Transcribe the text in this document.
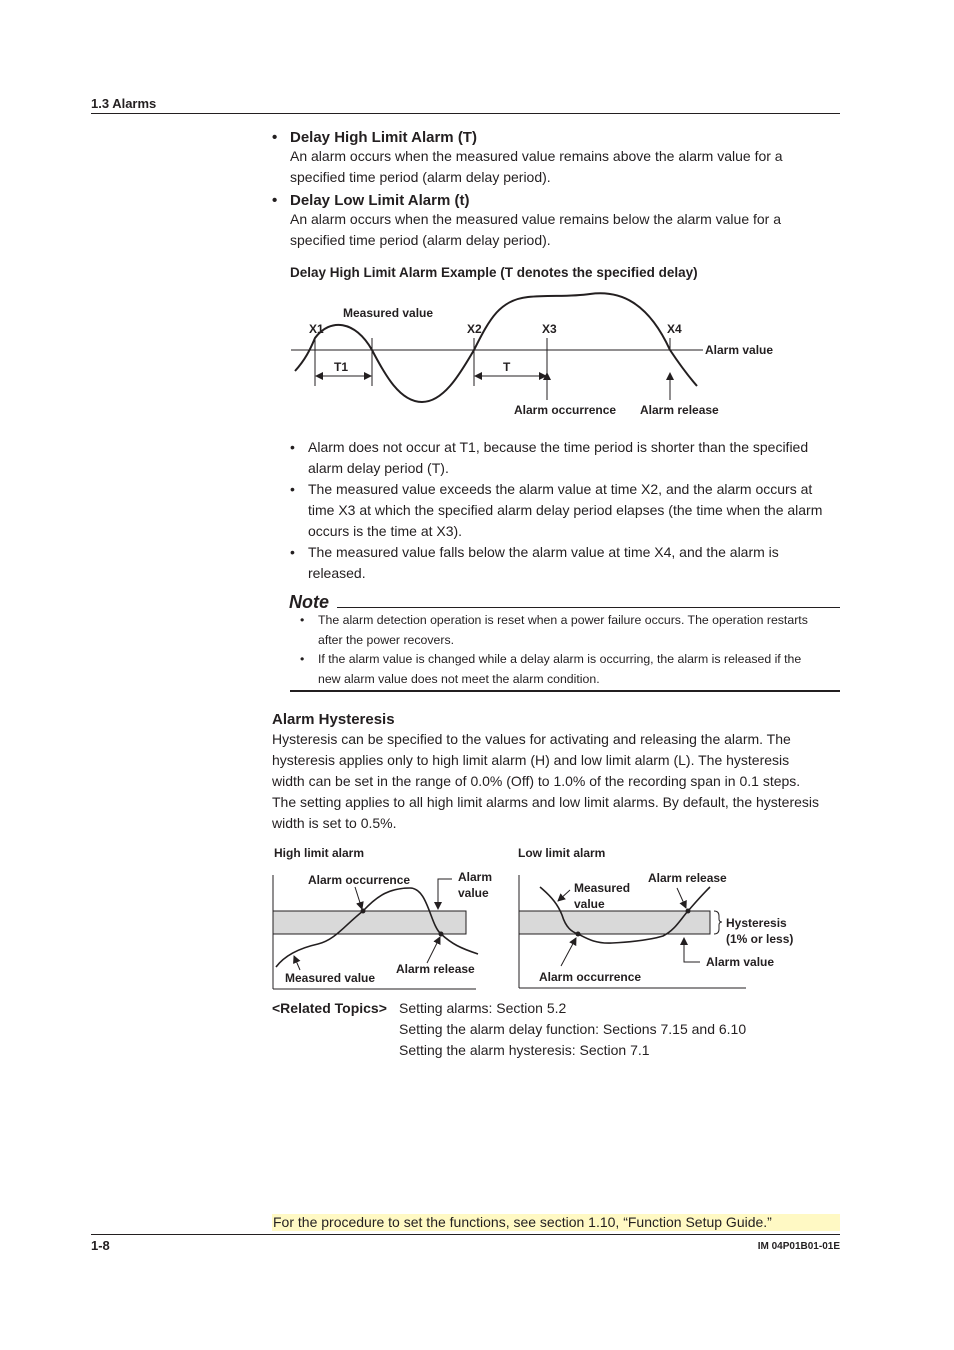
1.3 Alarms
• Delay High Limit Alarm (T)
An alarm occurs when the measured value remains above the alarm value for a
specified time period (alarm delay period).
• Delay Low Limit Alarm (t)
An alarm occurs when the measured value remains below the alarm value for a
specified time period (alarm delay period).
Delay High Limit Alarm Example (T denotes the specified delay)
Measured value
X1	X2	X3	X4
Alarm value
T1	T
Alarm occurrence Alarm release
• Alarm does not occur at T1, because the time period is shorter than the specified
alarm delay period (T).
• The measured value exceeds the alarm value at time X2, and the alarm occurs at
time X3 at which the specified alarm delay period elapses (the time when the alarm
occurs is the time at X3).
• The measured value falls below the alarm value at time X4, and the alarm is
released.
Note
• The alarm detection operation is reset when a power failure occurs. The operation restarts
after the power recovers.
• If the alarm value is changed while a delay alarm is occurring, the alarm is released if the
new alarm value does not meet the alarm condition.
Alarm Hysteresis
Hysteresis can be specified to the values for activating and releasing the alarm. The
hysteresis applies only to high limit alarm (H) and low limit alarm (L). The hysteresis
width can be set in the range of 0.0% (Off) to 1.0% of the recording span in 0.1 steps.
The setting applies to all high limit alarms and low limit alarms. By default, the hysteresis
width is set to 0.5%.
High limit alarm
Alarm occurrence	Alarm
value
Measured value
Alarm release
Low limit alarm
Measured
value
Alarm release
Hysteresis
(1% or less)
Alarm value
Alarm occurrence
<Related Topics> Setting alarms: Section 5.2
Setting the alarm delay function: Sections 7.15 and 6.10
Setting the alarm hysteresis: Section 7.1
For the procedure to set the functions, see section 1.10, “Function Setup Guide.”
1-8	IM 04P01B01-01E
